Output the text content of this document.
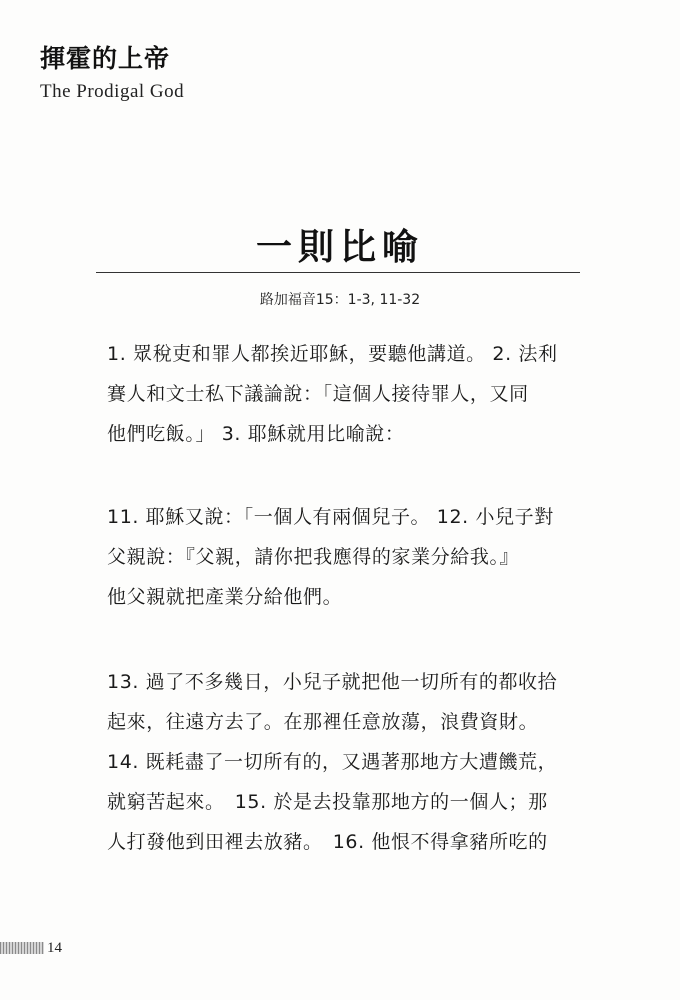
揮霍的上帝
The Prodigal God
一則比喻
路加福音15：1-3, 11-32
1. 眾稅吏和罪人都挨近耶穌，要聽他講道。 2. 法利
賽人和文士私下議論說：「這個人接待罪人，又同
他們吃飯。」 3. 耶穌就用比喻說：
11. 耶穌又說：「一個人有兩個兒子。 12. 小兒子對
父親說：『父親，請你把我應得的家業分給我。』
他父親就把產業分給他們。
13. 過了不多幾日，小兒子就把他一切所有的都收拾
起來，往遠方去了。在那裡任意放蕩，浪費資財。
14. 既耗盡了一切所有的，又遇著那地方大遭饑荒，
就窮苦起來。　15. 於是去投靠那地方的一個人；那
人打發他到田裡去放豬。　16. 他恨不得拿豬所吃的
14
